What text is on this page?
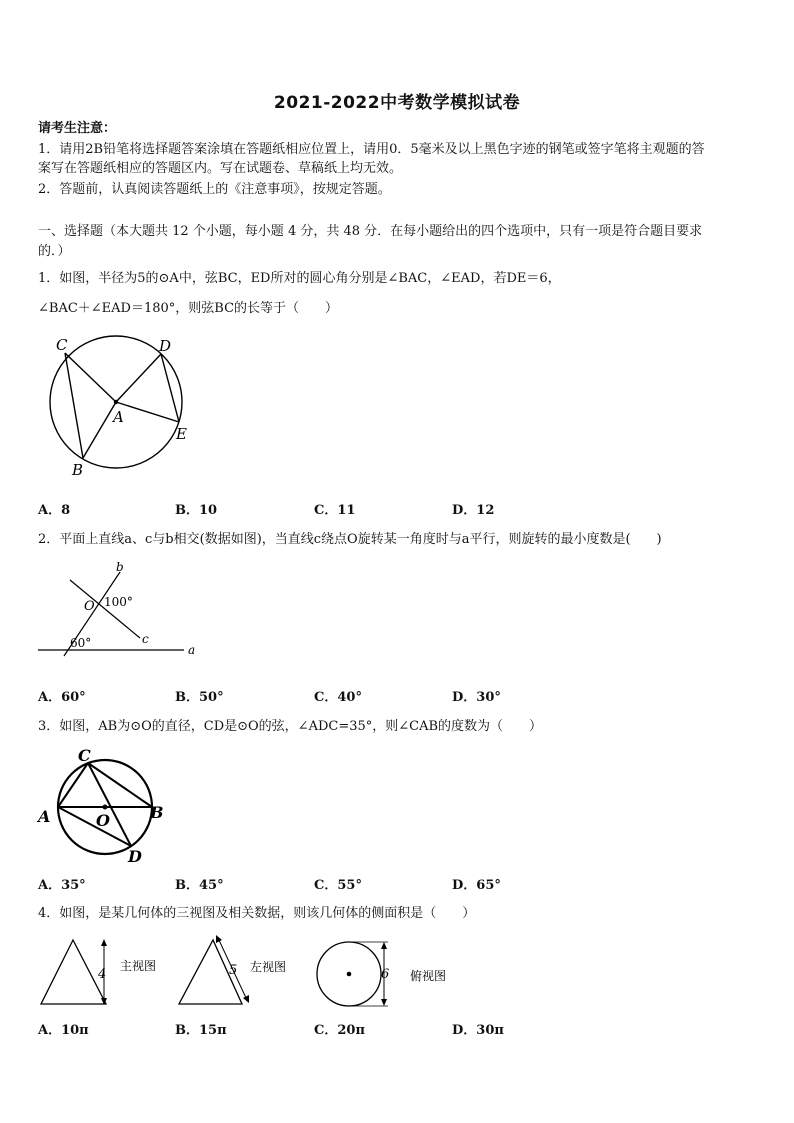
2021-2022中考数学模拟试卷
请考生注意：
1．请用2B铅笔将选择题答案涂填在答题纸相应位置上，请用0．5毫米及以上黑色字迹的钢笔或签字笔将主观题的答
案写在答题纸相应的答题区内。写在试题卷、草稿纸上均无效。
2．答题前，认真阅读答题纸上的《注意事项》，按规定答题。
一、选择题（本大题共 12 个小题，每小题 4 分，共 48 分．在每小题给出的四个选项中，只有一项是符合题目要求
的．）
1．如图，半径为5的⊙A中，弦BC，ED所对的圆心角分别是∠BAC，∠EAD，若DE＝6，
∠BAC＋∠EAD＝180°，则弦BC的长等于（　　）
C	D
A
E
B
A．8	B．10	C．11	D．12
2．平面上直线a、c与b相交(数据如图)，当直线c绕点O旋转某一角度时与a平行，则旋转的最小度数是(　　)
b
O 100°
c
60°	a
A．60°	B．50°	C．40°	D．30°
3．如图，AB为⊙O的直径，CD是⊙O的弦，∠ADC=35°，则∠CAB的度数为（　　）
C
A	O	B
D
A．35°	B．45°	C．55°	D．65°
4．如图，是某几何体的三视图及相关数据，则该几何体的侧面积是（　　）
4
主视图	5 左视图	6 俯视图
A．10π	B．15π	C．20π	D．30π
